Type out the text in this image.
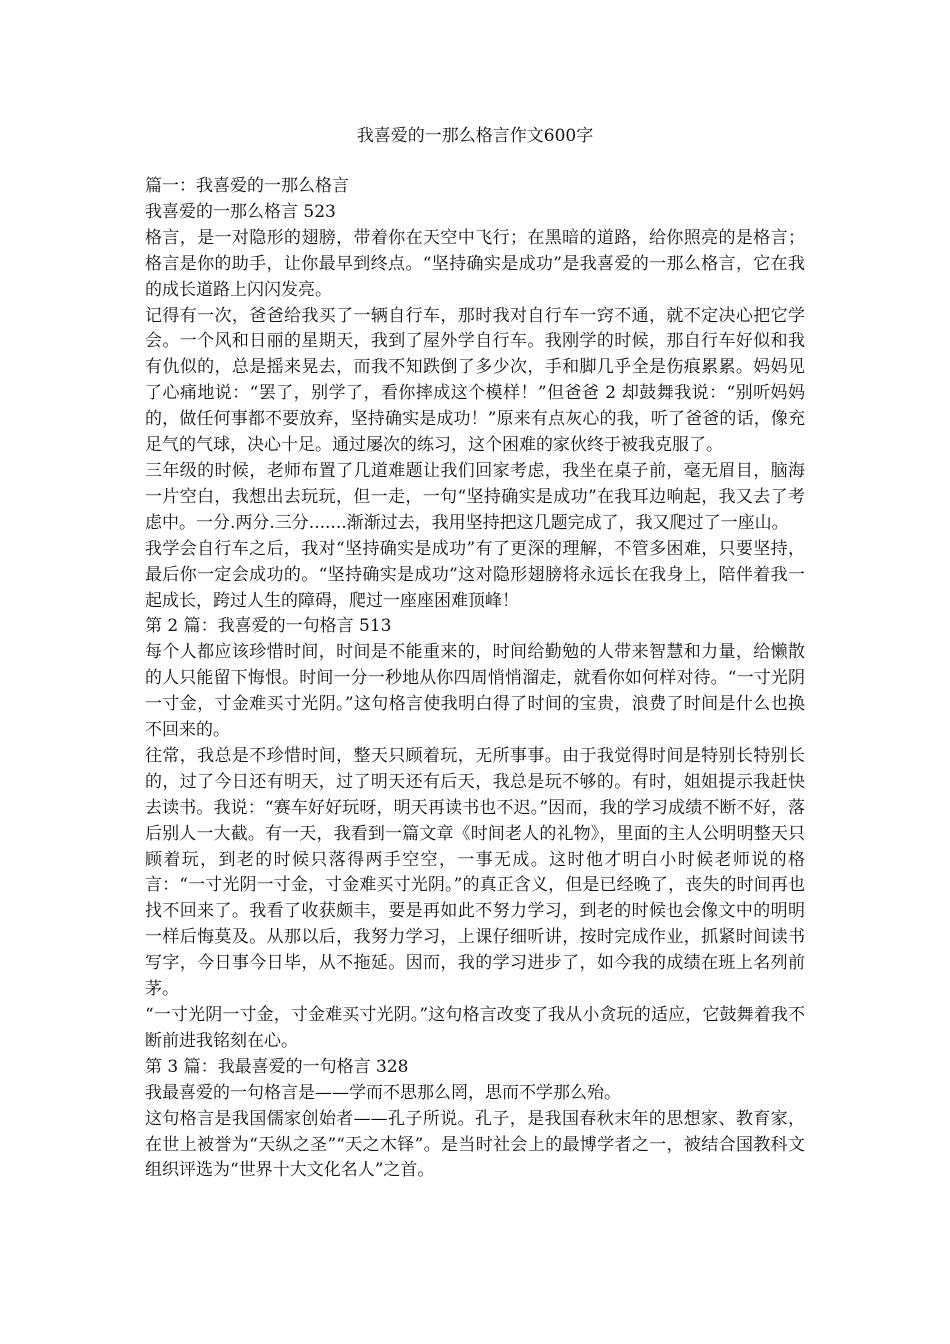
我喜爱的一那么格言作文600字

篇一：我喜爱的一那么格言

我喜爱的一那么格言 523

格言，是一对隐形的翅膀，带着你在天空中飞行；在黑暗的道路，给你照亮的是格言；格言是你的助手，让你最早到终点。“坚持确实是成功”是我喜爱的一那么格言，它在我的成长道路上闪闪发亮。

记得有一次，爸爸给我买了一辆自行车，那时我对自行车一窍不通，就不定决心把它学会。一个风和日丽的星期天，我到了屋外学自行车。我刚学的时候，那自行车好似和我有仇似的，总是摇来晃去，而我不知跌倒了多少次，手和脚几乎全是伤痕累累。妈妈见了心痛地说：“罢了，别学了，看你摔成这个模样！”但爸爸 2 却鼓舞我说：“别听妈妈的，做任何事都不要放弃，坚持确实是成功！”原来有点灰心的我，听了爸爸的话，像充足气的气球，决心十足。通过屡次的练习，这个困难的家伙终于被我克服了。

三年级的时候，老师布置了几道难题让我们回家考虑，我坐在桌子前，毫无眉目，脑海一片空白，我想出去玩玩，但一走，一句“坚持确实是成功”在我耳边响起，我又去了考虑中。一分.两分.三分.......渐渐过去，我用坚持把这几题完成了，我又爬过了一座山。

我学会自行车之后，我对“坚持确实是成功”有了更深的理解，不管多困难，只要坚持，最后你一定会成功的。“坚持确实是成功”这对隐形翅膀将永远长在我身上，陪伴着我一起成长，跨过人生的障碍，爬过一座座困难顶峰！

第 2 篇：我喜爱的一句格言 513

每个人都应该珍惜时间，时间是不能重来的，时间给勤勉的人带来智慧和力量，给懒散的人只能留下悔恨。时间一分一秒地从你四周悄悄溜走，就看你如何样对待。“一寸光阴一寸金，寸金难买寸光阴。”这句格言使我明白得了时间的宝贵，浪费了时间是什么也换不回来的。

往常，我总是不珍惜时间，整天只顾着玩，无所事事。由于我觉得时间是特别长特别长的，过了今日还有明天，过了明天还有后天，我总是玩不够的。有时，姐姐提示我赶快去读书。我说：“赛车好好玩呀，明天再读书也不迟。”因而，我的学习成绩不断不好，落后别人一大截。有一天，我看到一篇文章《时间老人的礼物》，里面的主人公明明整天只顾着玩，到老的时候只落得两手空空，一事无成。这时他才明白小时候老师说的格言：“一寸光阴一寸金，寸金难买寸光阴。”的真正含义，但是已经晚了，丧失的时间再也找不回来了。我看了收获颇丰，要是再如此不努力学习，到老的时候也会像文中的明明一样后悔莫及。从那以后，我努力学习，上课仔细听讲，按时完成作业，抓紧时间读书写字，今日事今日毕，从不拖延。因而，我的学习进步了，如今我的成绩在班上名列前茅。

“一寸光阴一寸金，寸金难买寸光阴。”这句格言改变了我从小贪玩的适应，它鼓舞着我不断前进我铭刻在心。

第 3 篇：我最喜爱的一句格言 328

我最喜爱的一句格言是——学而不思那么罔，思而不学那么殆。

这句格言是我国儒家创始者——孔子所说。孔子，是我国春秋末年的思想家、教育家，在世上被誉为“天纵之圣”“天之木铎”。是当时社会上的最博学者之一，被结合国教科文组织评选为“世界十大文化名人”之首。
